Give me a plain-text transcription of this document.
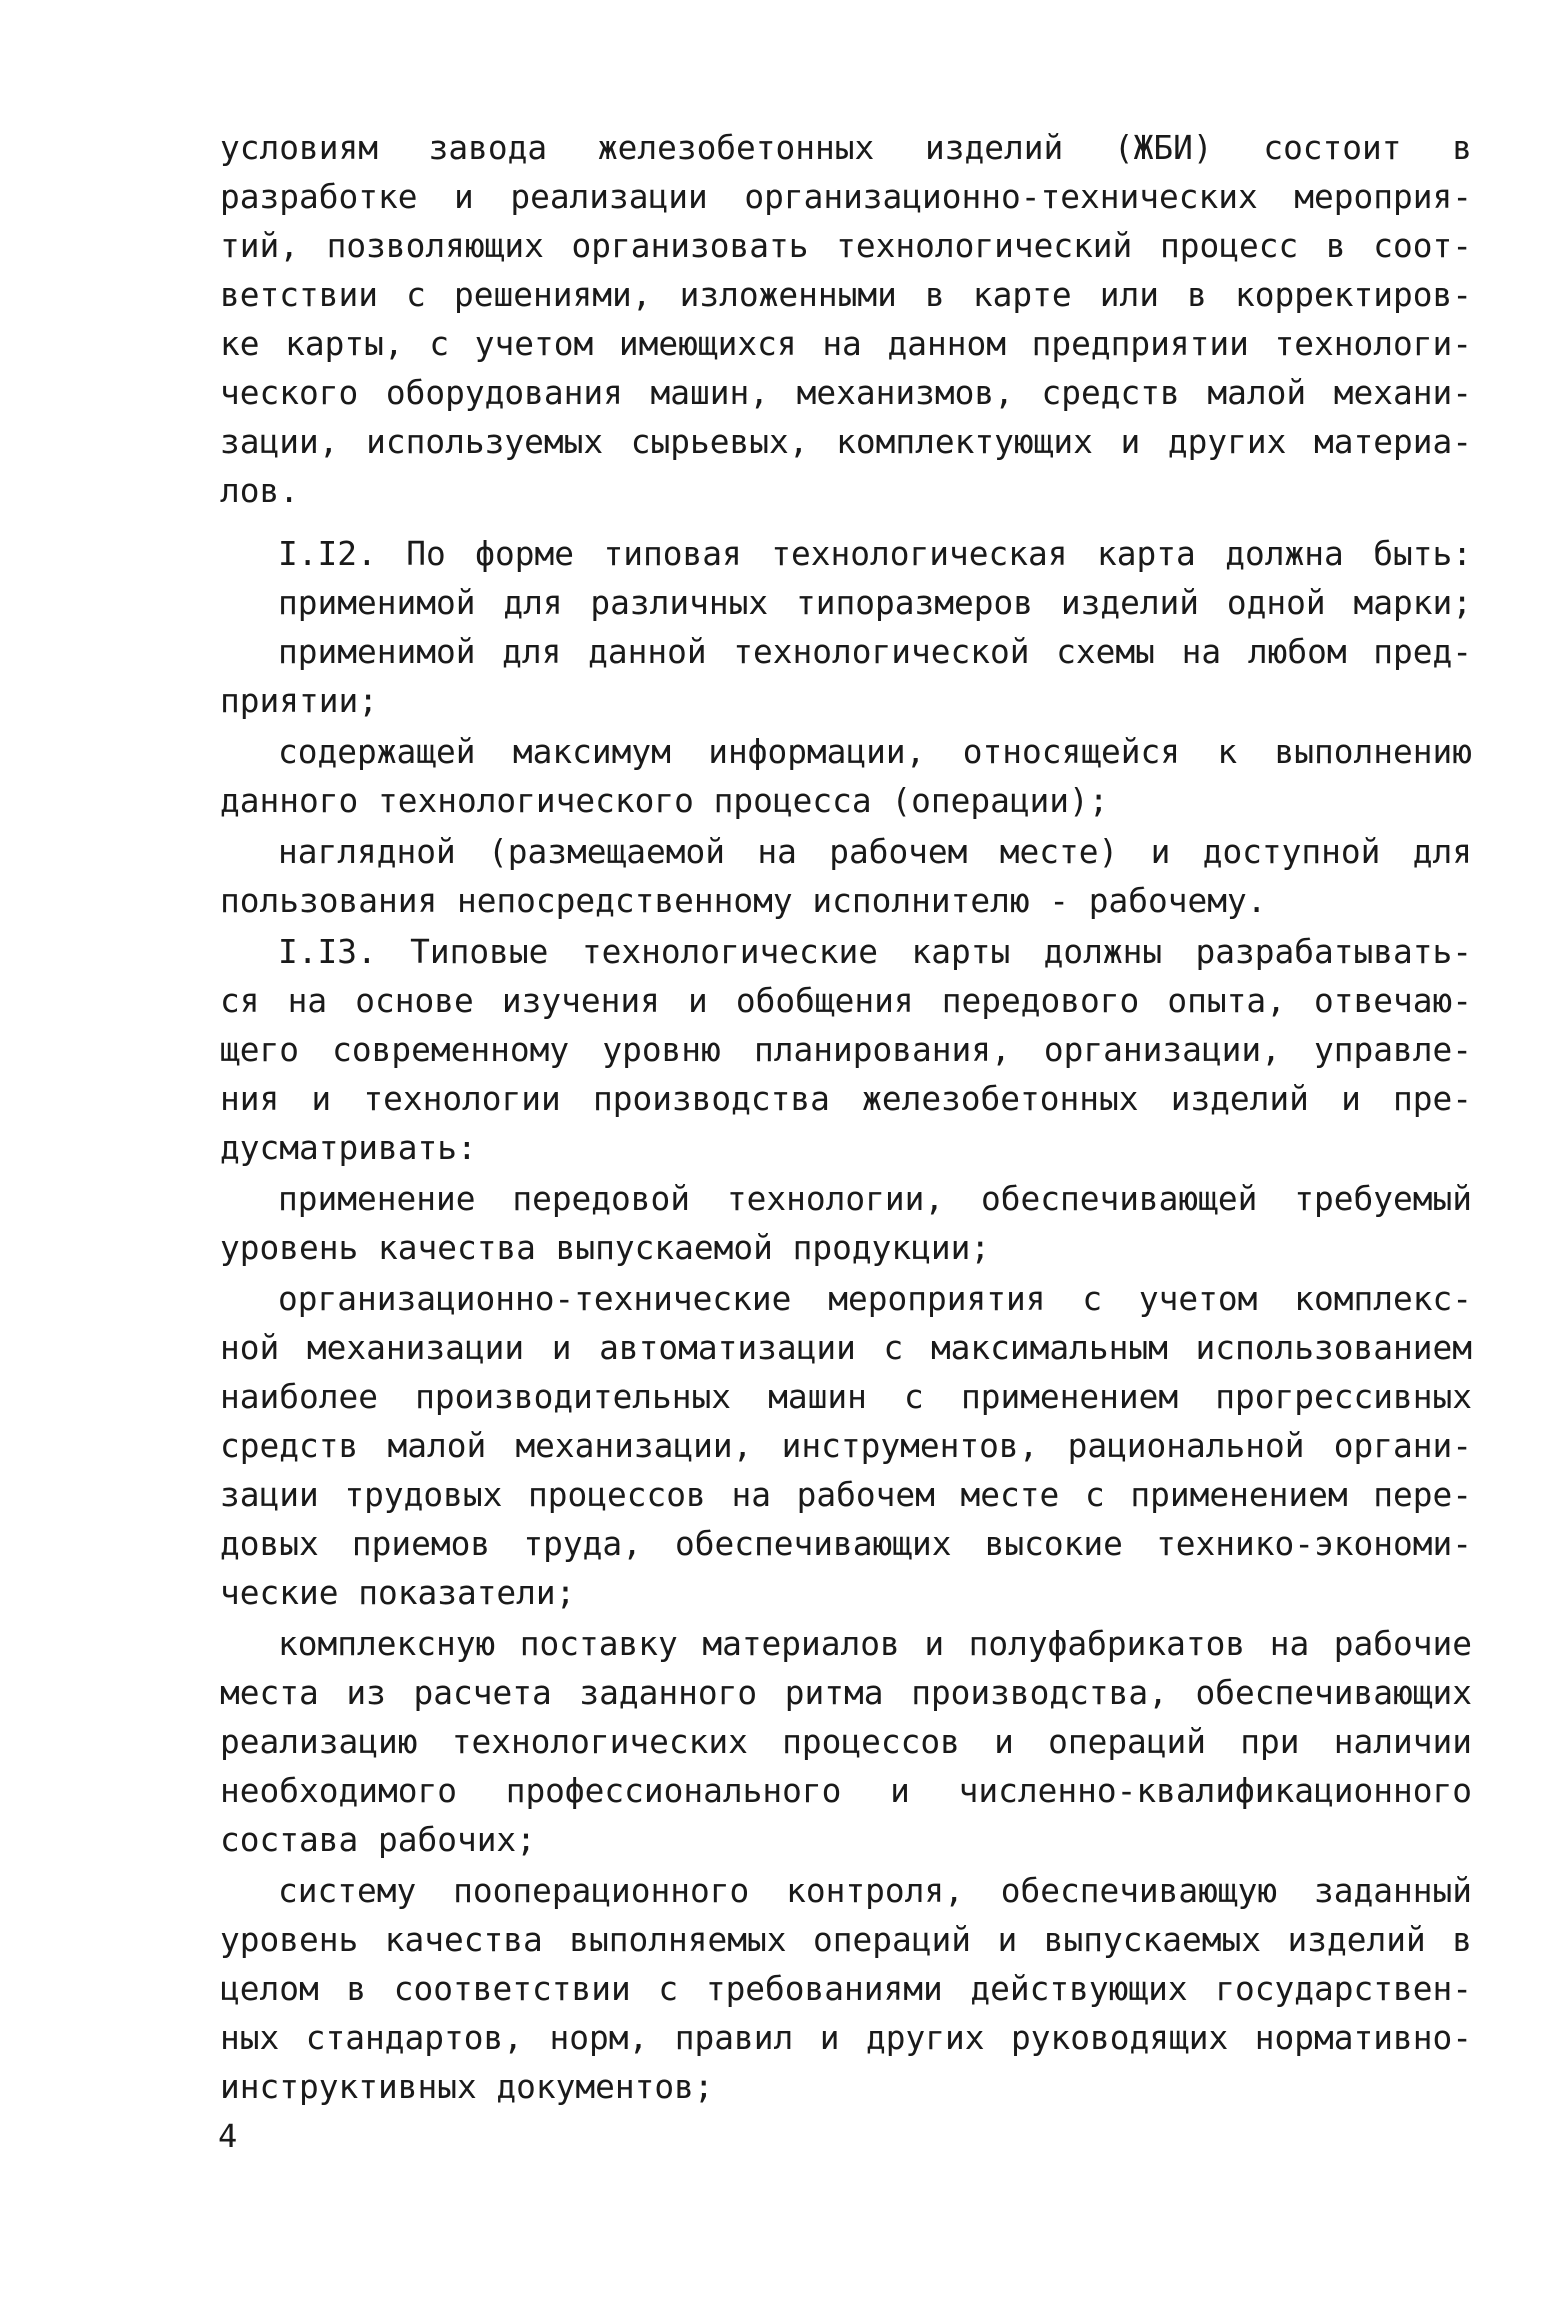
условиям завода железобетонных изделий (ЖБИ) состоит в
разработке и реализации организационно-технических мероприя-
тий, позволяющих организовать технологический процесс в соот-
ветствии с решениями, изложенными в карте или в корректиров-
ке карты, с учетом имеющихся на данном предприятии технологи-
ческого оборудования машин, механизмов, средств малой механи-
зации, используемых сырьевых, комплектующих и других материа-
лов.
I.I2. По форме типовая технологическая карта должна быть:
применимой для различных типоразмеров изделий одной марки;
применимой для данной технологической схемы на любом пред-
приятии;
содержащей максимум информации, относящейся к выполнению
данного технологического процесса (операции);
наглядной (размещаемой на рабочем месте) и доступной для
пользования непосредственному исполнителю - рабочему.
I.I3. Типовые технологические карты должны разрабатывать-
ся на основе изучения и обобщения передового опыта, отвечаю-
щего современному уровню планирования, организации, управле-
ния и технологии производства железобетонных изделий и пре-
дусматривать:
применение передовой технологии, обеспечивающей требуемый
уровень качества выпускаемой продукции;
организационно-технические мероприятия с учетом комплекс-
ной механизации и автоматизации с максимальным использованием
наиболее производительных машин с применением прогрессивных
средств малой механизации, инструментов, рациональной органи-
зации трудовых процессов на рабочем месте с применением пере-
довых приемов труда, обеспечивающих высокие технико-экономи-
ческие показатели;
комплексную поставку материалов и полуфабрикатов на рабочие
места из расчета заданного ритма производства, обеспечивающих
реализацию технологических процессов и операций при наличии
необходимого профессионального и численно-квалификационного
состава рабочих;
систему пооперационного контроля, обеспечивающую заданный
уровень качества выполняемых операций и выпускаемых изделий в
целом в соответствии с требованиями действующих государствен-
ных стандартов, норм, правил и других руководящих нормативно-
инструктивных документов;
4
